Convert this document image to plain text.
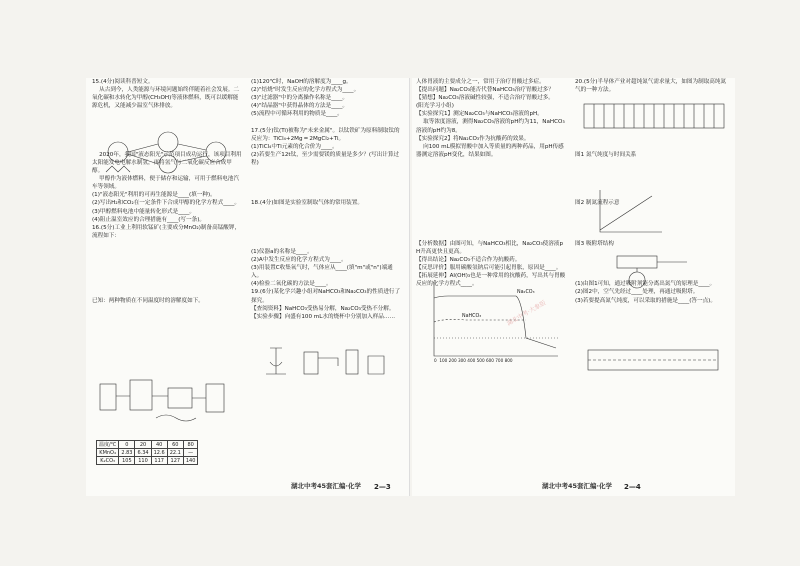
15.(4分)阅读科普短文。
从古到今，人类能源与环境问题始终伴随着社会发展。二氧化碳和水转化为甲醇(CH₃OH)等液体燃料，既可以缓解能源危机，又能减少温室气体排放。

2020年，我国"液态阳光"示范项目成功运行，该项目利用太阳能发电电解水制氢，再将氢气与二氧化碳反应合成甲醇。
甲醇作为液体燃料，便于储存和运输，可用于燃料电池汽车等领域。
(1)"液态阳光"利用的可再生能源是____(填一种)。
(2)写出H₂和CO₂在一定条件下合成甲醇的化学方程式____。
(3)甲醇燃料电池中能量转化形式是____。
(4)阻止温室效应的合理措施有____(写一条)。
16.(5分)工业上利用软锰矿(主要成分MnO₂)制备高锰酸钾，流程如下：

已知：两种物质在不同温度时的溶解度如下。
温度/℃	0	20	40	60	80
KMnO₄	2.83	6.34	12.6	22.1	—
K₂CO₃	105	110	117	127	140
(1)120℃时，NaOH的溶解度为____g。
(2)"焙烧"时发生反应的化学方程式为____。
(3)"过滤器"中的分离操作名称是____。
(4)"结晶器"中获得晶体的方法是____。
(5)流程中可循环利用的物质是____。

17.(5分)钛(Ti)被称为"未来金属"。以钛铁矿为原料制取钛的反应为：TiCl₄+2Mg ═ 2MgCl₂+Ti。
(1)TiCl₄中Ti元素的化合价为____。
(2)若要生产12t钛，至少需要镁的质量是多少？(写出计算过程)

18.(4分)如图是实验室制取气体的常用装置。

(1)仪器a的名称是____。
(2)A中发生反应的化学方程式为____。
(3)用装置C收集氧气时，气体应从____(填"m"或"n")端通入。
(4)检验二氧化碳的方法是____。
19.(6分)某化学兴趣小组对NaHCO₃和Na₂CO₃的性质进行了探究。
【查阅资料】NaHCO₃受热易分解，Na₂CO₃受热不分解。
【实验步骤】向盛有100 mL水的烧杯中分别加入样品……
湖北中考45套汇编·化学 2—3
人体胃液的主要成分之一，常用于治疗胃酸过多症。
【提出问题】Na₂CO₃能否代替NaHCO₃治疗胃酸过多？
【猜想】Na₂CO₃溶液碱性较强，不适合治疗胃酸过多。
(阳光学习小组)
【实验探究1】测定Na₂CO₃与NaHCO₃溶液的pH。
取等浓度溶液，测得Na₂CO₃溶液的pH约为11，NaHCO₃溶液的pH约为8。
【实验探究2】将Na₂CO₃作为抗酸药的效果。
向100 mL模拟胃酸中加入等质量的两种药品，用pH传感器测定溶液pH变化，结果如图。

【分析数据】由图可知，与NaHCO₃相比，Na₂CO₃使溶液pH升高更快且更高。
【得出结论】Na₂CO₃不适合作为抗酸药。
【反思评价】服用碳酸氢钠后可能引起胃胀，原因是____。
【拓展延伸】Al(OH)₃也是一种常用的抗酸药，写出其与胃酸反应的化学方程式____。
Na₂CO₃
NaHCO₃
0  100 200 300 400 500 600 700 800
20.(5分)半导体产业对超纯氮气需求量大，如图为制取高纯氮气的一种方法。

图1 氮气纯度与时间关系

图2 制氮流程示意

图3 吸附塔结构

(1)由图1可知，通过吸附剂能分离出氮气的原理是____。
(2)图2中，空气先经过____处理，再通过吸附塔。
(3)若要提高氮气纯度，可以采取的措施是____(答一点)。
湖北中考·大象版
湖北中考45套汇编·化学 2—4
